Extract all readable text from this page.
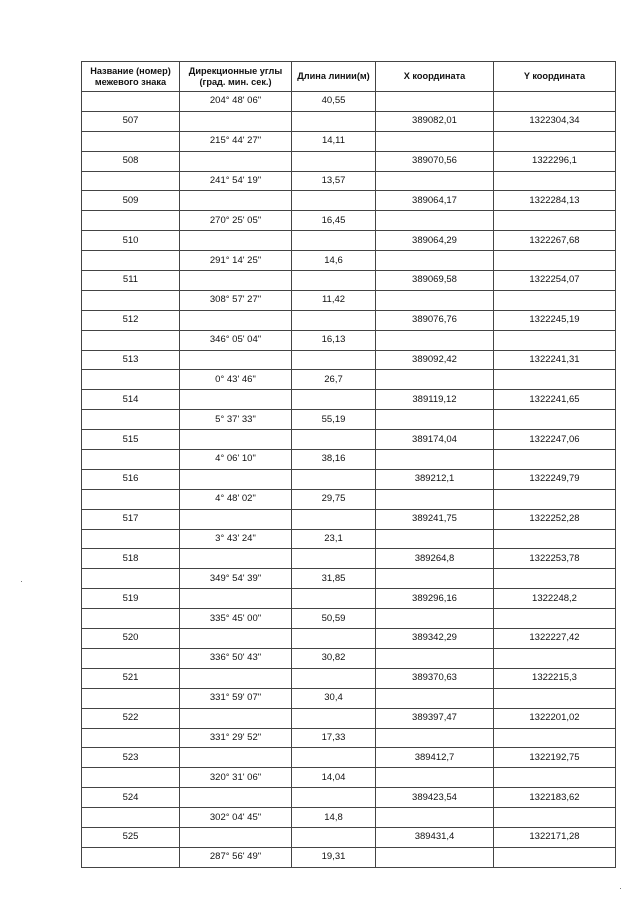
Название (номер) межевого знака	Дирекционные углы (град. мин. сек.)	Длина линии(м)	X координата	Y координата
	204° 48' 06"	40,55		
507			389082,01	1322304,34
	215° 44' 27"	14,11		
508			389070,56	1322296,1
	241° 54' 19"	13,57		
509			389064,17	1322284,13
	270° 25' 05"	16,45		
510			389064,29	1322267,68
	291° 14' 25"	14,6		
511			389069,58	1322254,07
	308° 57' 27"	11,42		
512			389076,76	1322245,19
	346° 05' 04"	16,13		
513			389092,42	1322241,31
	0° 43' 46"	26,7		
514			389119,12	1322241,65
	5° 37' 33"	55,19		
515			389174,04	1322247,06
	4° 06' 10"	38,16		
516			389212,1	1322249,79
	4° 48' 02"	29,75		
517			389241,75	1322252,28
	3° 43' 24"	23,1		
518			389264,8	1322253,78
	349° 54' 39"	31,85		
519			389296,16	1322248,2
	335° 45' 00"	50,59		
520			389342,29	1322227,42
	336° 50' 43"	30,82		
521			389370,63	1322215,3
	331° 59' 07"	30,4		
522			389397,47	1322201,02
	331° 29' 52"	17,33		
523			389412,7	1322192,75
	320° 31' 06"	14,04		
524			389423,54	1322183,62
	302° 04' 45"	14,8		
525			389431,4	1322171,28
	287° 56' 49"	19,31		
